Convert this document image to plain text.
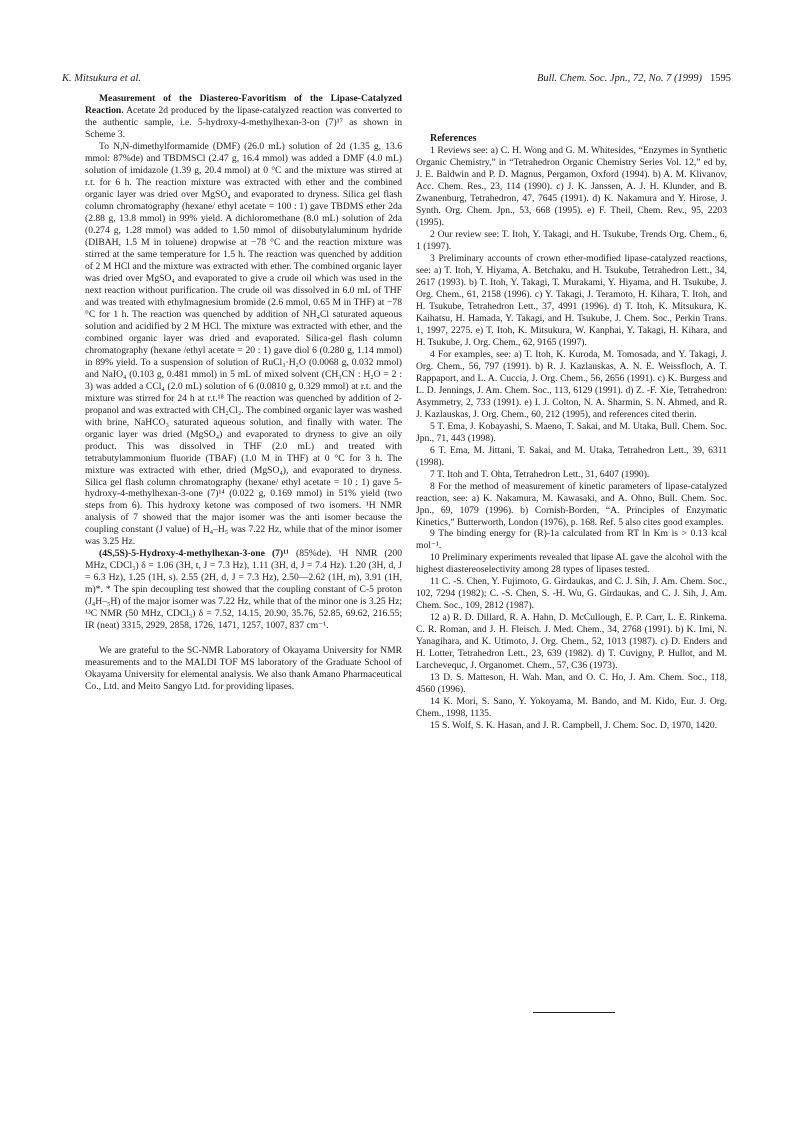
K. Mitsukura et al.	Bull. Chem. Soc. Jpn., 72, No. 7 (1999) 1595

Measurement of the Diastereo-Favoritism of the Lipase-Catalyzed Reaction. Acetate 2d produced by the lipase-catalyzed reaction was converted to the authentic sample, i.e. 5-hydroxy-4-methylhexan-3-on (7)¹⁷ as shown in Scheme 3.

To N,N-dimethylformamide (DMF) (26.0 mL) solution of 2d (1.35 g, 13.6 mmol: 87%de) and TBDMSCl (2.47 g, 16.4 mmol) was added a DMF (4.0 mL) solution of imidazole (1.39 g, 20.4 mmol) at 0 °C and the mixture was stirred at r.t. for 6 h. The reaction mixture was extracted with ether and the combined organic layer was dried over MgSO₄ and evaporated to dryness. Silica gel flash column chromatography (hexane/ ethyl acetate = 100 : 1) gave TBDMS ether 2da (2.88 g, 13.8 mmol) in 99% yield. A dichloromethane (8.0 mL) solution of 2da (0.274 g, 1.28 mmol) was added to 1.50 mmol of diisobutylaluminum hydride (DIBAH, 1.5 M in toluene) dropwise at −78 °C and the reaction mixture was stirred at the same temperature for 1.5 h. The reaction was quenched by addition of 2 M HCl and the mixture was extracted with ether. The combined organic layer was dried over MgSO₄ and evaporated to give a crude oil which was used in the next reaction without purification. The crude oil was dissolved in 6.0 mL of THF and was treated with ethylmagnesium bromide (2.6 mmol, 0.65 M in THF) at −78 °C for 1 h. The reaction was quenched by addition of NH₄Cl saturated aqueous solution and acidified by 2 M HCl. The mixture was extracted with ether, and the combined organic layer was dried and evaporated. Silica-gel flash column chromatography (hexane /ethyl acetate = 20 : 1) gave diol 6 (0.280 g, 1.14 mmol) in 89% yield. To a suspension of solution of RuCl₃·H₂O (0.0068 g, 0.032 mmol) and NaIO₄ (0.103 g, 0.481 mmol) in 5 mL of mixed solvent (CH₃CN : H₂O = 2 : 3) was added a CCl₄ (2.0 mL) solution of 6 (0.0810 g, 0.329 mmol) at r.t. and the mixture was stirred for 24 h at r.t.¹⁸ The reaction was quenched by addition of 2-propanol and was extracted with CH₂Cl₂. The combined organic layer was washed with brine, NaHCO₃ saturated aqueous solution, and finally with water. The organic layer was dried (MgSO₄) and evaporated to dryness to give an oily product. This was dissolved in THF (2.0 mL) and treated with tetrabutylammonium fluoride (TBAF) (1.0 M in THF) at 0 °C for 3 h. The mixture was extracted with ether, dried (MgSO₄), and evaporated to dryness. Silica gel flash column chromatography (hexane/ ethyl acetate = 10 : 1) gave 5-hydroxy-4-methylhexan-3-one (7)¹⁴ (0.022 g, 0.169 mmol) in 51% yield (two steps from 6). This hydroxy ketone was composed of two isomers. ¹H NMR analysis of 7 showed that the major isomer was the anti isomer because the coupling constant (J value) of H₄–H₅ was 7.22 Hz, while that of the minor isomer was 3.25 Hz.

(4S,5S)-5-Hydroxy-4-methylhexan-3-one (7)¹¹ (85%de). ¹H NMR (200 MHz, CDCl₃) δ = 1.06 (3H, t, J = 7.3 Hz), 1.11 (3H, d, J = 7.4 Hz). 1.20 (3H, d, J = 6.3 Hz), 1.25 (1H, s). 2.55 (2H, d, J = 7.3 Hz), 2.50—2.62 (1H, m), 3.91 (1H, m)*. * The spin decoupling test showed that the coupling constant of C-5 proton (J₄H–₅H) of the major isomer was 7.22 Hz, while that of the minor one is 3.25 Hz; ¹³C NMR (50 MHz, CDCl₃) δ = 7.52, 14.15, 20.90, 35.76, 52.85, 69.62, 216.55; IR (neat) 3315, 2929, 2858, 1726, 1471, 1257, 1007, 837 cm⁻¹.

We are grateful to the SC-NMR Laboratory of Okayama University for NMR measurements and to the MALDI TOF MS laboratory of the Graduate School of Okayama University for elemental analysis. We also thank Amano Pharmaceutical Co., Ltd. and Meito Sangyo Ltd. for providing lipases.

References

1 Reviews see: a) C. H. Wong and G. M. Whitesides, “Enzymes in Synthetic Organic Chemistry,” in “Tetrahedron Organic Chemistry Series Vol. 12,” ed by, J. E. Baldwin and P. D. Magnus, Pergamon, Oxford (1994). b) A. M. Klivanov, Acc. Chem. Res., 23, 114 (1990). c) J. K. Janssen, A. J. H. Klunder, and B. Zwanenburg, Tetrahedron, 47, 7645 (1991). d) K. Nakamura and Y. Hirose, J. Synth. Org. Chem. Jpn., 53, 668 (1995). e) F. Theil, Chem. Rev., 95, 2203 (1995).

2 Our review see: T. Itoh, Y. Takagi, and H. Tsukube, Trends Org. Chem., 6, 1 (1997).

3 Preliminary accounts of crown ether-modified lipase-catalyzed reactions, see: a) T. Itoh, Y. Hiyama, A. Betchaku, and H. Tsukube, Tetrahedron Lett., 34, 2617 (1993). b) T. Itoh, Y. Takagi, T. Murakami, Y. Hiyama, and H. Tsukube, J. Org. Chem., 61, 2158 (1996). c) Y. Takagi, J. Teramoto, H. Kihara, T. Itoh, and H. Tsukube, Tetrahedron Lett., 37, 4991 (1996). d) T. Itoh, K. Mitsukura, K. Kaihatsu, H. Hamada, Y. Takagi, and H. Tsukube, J. Chem. Soc., Perkin Trans. 1, 1997, 2275. e) T. Itoh, K. Mitsukura, W. Kanphai, Y. Takagi, H. Kihara, and H. Tsukube, J. Org. Chem., 62, 9165 (1997).

4 For examples, see: a) T. Itoh, K. Kuroda, M. Tomosada, and Y. Takagi, J. Org. Chem., 56, 797 (1991). b) R. J. Kazlauskas, A. N. E. Weissfloch, A. T. Rappaport, and L. A. Cuccia, J. Org. Chem., 56, 2656 (1991). c) K. Burgess and L. D. Jennings, J. Am. Chem. Soc., 113, 6129 (1991). d) Z. -F. Xie, Tetrahedron: Asymmetry, 2, 733 (1991). e) I. J. Colton, N. A. Sharmin, S. N. Ahmed, and R. J. Kazlauskas, J. Org. Chem., 60, 212 (1995), and references cited therin.

5 T. Ema, J. Kobayashi, S. Maeno, T. Sakai, and M. Utaka, Bull. Chem. Soc. Jpn., 71, 443 (1998).

6 T. Ema, M. Jittani, T. Sakai, and M. Utaka, Tetrahedron Lett., 39, 6311 (1998).

7 T. Itoh and T. Ohta, Tetrahedron Lett., 31, 6407 (1990).

8 For the method of measurement of kinetic parameters of lipase-catalyzed reaction, see: a) K. Nakamura, M. Kawasaki, and A. Ohno, Bull. Chem. Soc. Jpn., 69, 1079 (1996). b) Cornish-Borden, “A. Principles of Enzymatic Kinetics,” Butterworth, London (1976), p. 168. Ref. 5 also cites good examples.

9 The binding energy for (R)-1a calculated from RT ln Km is > 0.13 kcal mol⁻¹.

10 Preliminary experiments revealed that lipase AL gave the alcohol with the highest diastereoselectivity among 28 types of lipases tested.

11 C. -S. Chen, Y. Fujimoto, G. Girdaukas, and C. J. Sih, J. Am. Chem. Soc., 102, 7294 (1982); C. -S. Chen, S. -H. Wu, G. Girdaukas, and C. J. Sih, J. Am. Chem. Soc., 109, 2812 (1987).

12 a) R. D. Dillard, R. A. Hahn, D. McCullough, E. P. Carr, L. E. Rinkema. C. R. Roman, and J. H. Fleisch. J. Med. Chem., 34, 2768 (1991). b) K. Imi, N. Yanagihara, and K. Utimoto, J. Org. Chem., 52, 1013 (1987). c) D. Enders and H. Lotter, Tetrahedron Lett., 23, 639 (1982). d) T. Cuvigny, P. Hullot, and M. Larchevequc, J. Organomet. Chem., 57, C36 (1973).

13 D. S. Matteson, H. Wah. Man, and O. C. Ho, J. Am. Chem. Soc., 118, 4560 (1996).

14 K. Mori, S. Sano, Y. Yokoyama, M. Bando, and M. Kido, Eur. J. Org. Chem., 1998, 1135.

15 S. Wolf, S. K. Hasan, and J. R. Campbell, J. Chem. Soc. D, 1970, 1420.
